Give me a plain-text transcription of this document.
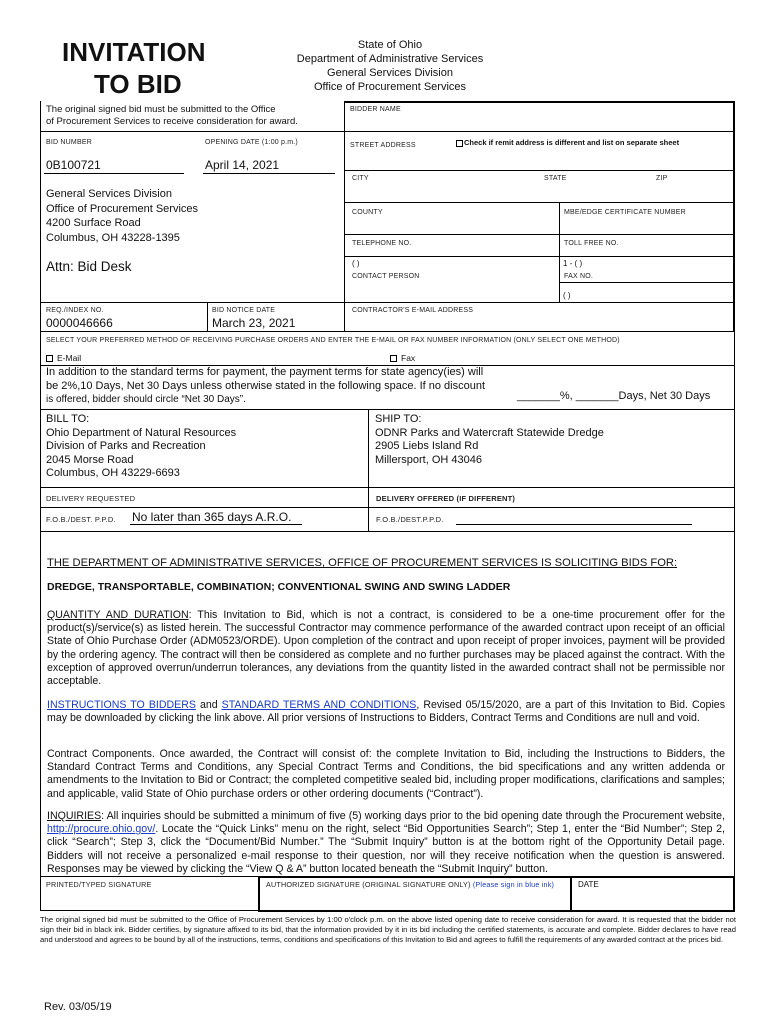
INVITATION
TO BID
State of Ohio
Department of Administrative Services
General Services Division
Office of Procurement Services
The original signed bid must be submitted to the Office
of Procurement Services to receive consideration for award.
BID NUMBER	OPENING DATE (1:00 p.m.)
0B100721	April 14, 2021
General Services Division
Office of Procurement Services
4200 Surface Road
Columbus, OH 43228-1395
Attn: Bid Desk
REQ./INDEX NO.	BID NOTICE DATE
0000046666	March 23, 2021
BIDDER NAME
STREET ADDRESS	Check if remit address is different and list on separate sheet
CITY	STATE	ZIP
COUNTY	MBE/EDGE CERTIFICATE NUMBER
TELEPHONE NO.	TOLL FREE NO.
( )	1 - ( )
CONTACT PERSON	FAX NO.
( )
CONTRACTOR'S E-MAIL ADDRESS
SELECT YOUR PREFERRED METHOD OF RECEIVING PURCHASE ORDERS AND ENTER THE E-MAIL OR FAX NUMBER INFORMATION (ONLY SELECT ONE METHOD)
E-Mail	Fax
In addition to the standard terms for payment, the payment terms for state agency(ies) will
be 2%,10 Days, Net 30 Days unless otherwise stated in the following space. If no discount
is offered, bidder should circle “Net 30 Days”.	_______%, _______Days, Net 30 Days
BILL TO:
Ohio Department of Natural Resources
Division of Parks and Recreation
2045 Morse Road
Columbus, OH 43229-6693
SHIP TO:
ODNR Parks and Watercraft Statewide Dredge
2905 Liebs Island Rd
Millersport, OH 43046
DELIVERY REQUESTED	DELIVERY OFFERED (IF DIFFERENT)
F.O.B./DEST. P.P.D. No later than 365 days A.R.O.	F.O.B./DEST.P.P.D.
THE DEPARTMENT OF ADMINISTRATIVE SERVICES, OFFICE OF PROCUREMENT SERVICES IS SOLICITING BIDS FOR:
DREDGE, TRANSPORTABLE, COMBINATION; CONVENTIONAL SWING AND SWING LADDER
QUANTITY AND DURATION: This Invitation to Bid, which is not a contract, is considered to be a one-time procurement offer for the product(s)/service(s) as listed herein. The successful Contractor may commence performance of the awarded contract upon receipt of an official State of Ohio Purchase Order (ADM0523/ORDE). Upon completion of the contract and upon receipt of proper invoices, payment will be provided by the ordering agency. The contract will then be considered as complete and no further purchases may be placed against the contract. With the exception of approved overrun/underrun tolerances, any deviations from the quantity listed in the awarded contract shall not be permissible nor acceptable.
INSTRUCTIONS TO BIDDERS and STANDARD TERMS AND CONDITIONS, Revised 05/15/2020, are a part of this Invitation to Bid. Copies may be downloaded by clicking the link above. All prior versions of Instructions to Bidders, Contract Terms and Conditions are null and void.
Contract Components. Once awarded, the Contract will consist of: the complete Invitation to Bid, including the Instructions to Bidders, the Standard Contract Terms and Conditions, any Special Contract Terms and Conditions, the bid specifications and any written addenda or amendments to the Invitation to Bid or Contract; the completed competitive sealed bid, including proper modifications, clarifications and samples; and applicable, valid State of Ohio purchase orders or other ordering documents (“Contract”).
INQUIRIES: All inquiries should be submitted a minimum of five (5) working days prior to the bid opening date through the Procurement website, http://procure.ohio.gov/. Locate the “Quick Links” menu on the right, select “Bid Opportunities Search”; Step 1, enter the “Bid Number”; Step 2, click “Search”; Step 3, click the “Document/Bid Number.” The “Submit Inquiry” button is at the bottom right of the Opportunity Detail page. Bidders will not receive a personalized e-mail response to their question, nor will they receive notification when the question is answered. Responses may be viewed by clicking the “View Q & A” button located beneath the “Submit Inquiry” button.
PRINTED/TYPED SIGNATURE	AUTHORIZED SIGNATURE (ORIGINAL SIGNATURE ONLY) (Please sign in blue ink)	DATE
The original signed bid must be submitted to the Office of Procurement Services by 1:00 o'clock p.m. on the above listed opening date to receive consideration for award. It is requested that the bidder not sign their bid in black ink. Bidder certifies, by signature affixed to its bid, that the information provided by it in its bid including the certified statements, is accurate and complete. Bidder declares to have read and understood and agrees to be bound by all of the instructions, terms, conditions and specifications of this Invitation to Bid and agrees to fulfill the requirements of any awarded contract at the prices bid.
Rev. 03/05/19
